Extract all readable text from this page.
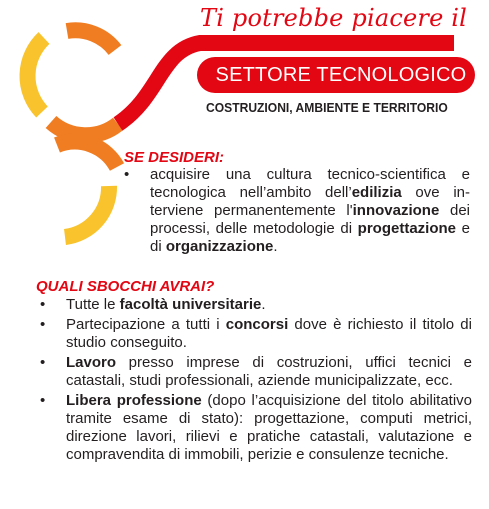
Ti potrebbe piacere il
SETTORE TECNOLOGICO
COSTRUZIONI, AMBIENTE E TERRITORIO
SE DESIDERI:
• acquisire una cultura tecnico-scientifica e tecnologica nell’ambito dell’edilizia ove interviene permanentemente l'innovazione dei processi, delle metodologie di progettazione e di organizzazione.
QUALI SBOCCHI AVRAI?
• Tutte le facoltà universitarie.
• Partecipazione a tutti i concorsi dove è richiesto il titolo di studio conseguito.
• Lavoro presso imprese di costruzioni, uffici tecnici e catastali, studi professionali, aziende municipalizzate, ecc.
• Libera professione (dopo l’acquisizione del titolo abilitativo tramite esame di stato): progettazione, computi metrici, direzione lavori, rilievi e pratiche catastali, valutazione e compravendita di immobili, perizie e consulenze tecniche.
